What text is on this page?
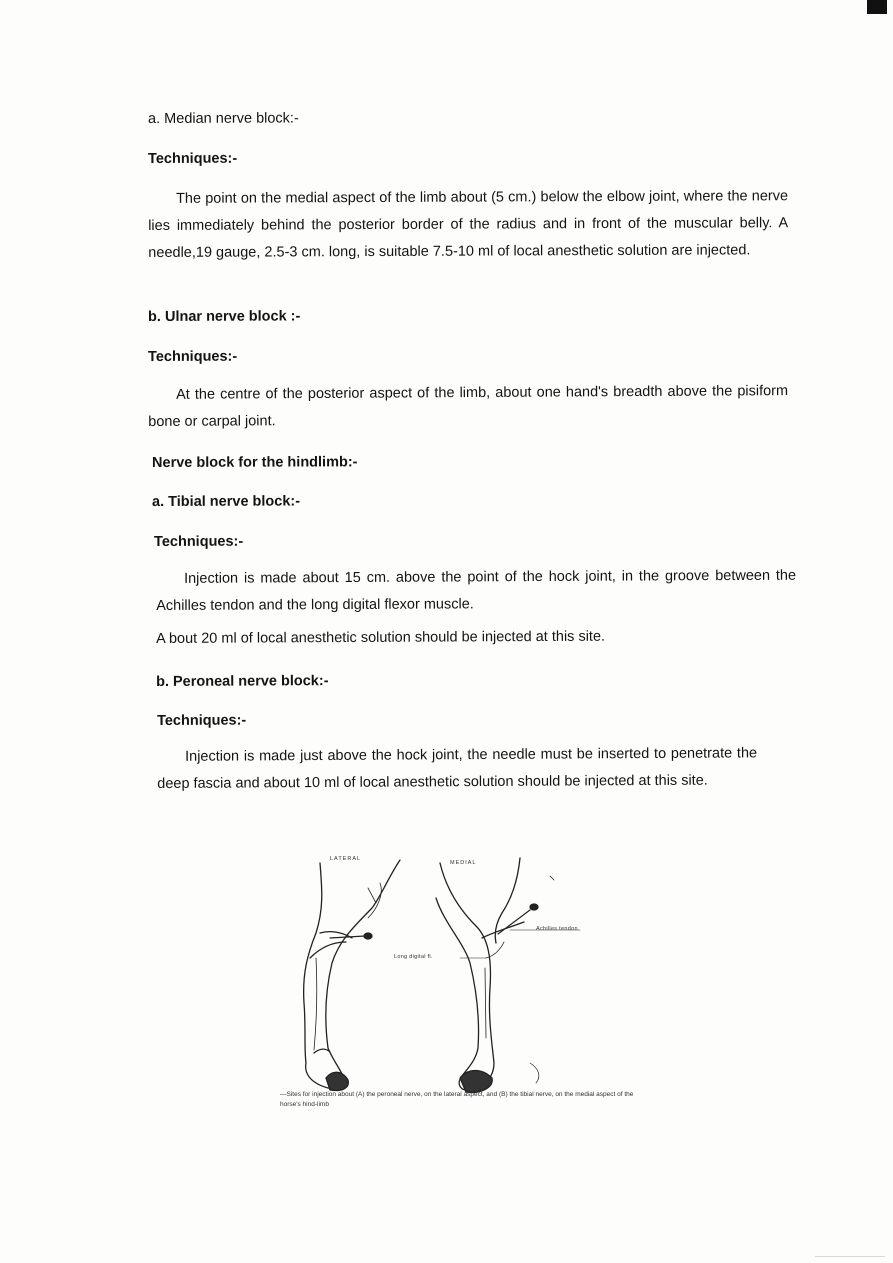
a. Median nerve block:-
Techniques:-
The point on the medial aspect of the limb about (5 cm.) below the elbow joint, where the nerve lies immediately behind the posterior border of the radius and in front of the muscular belly. A needle,19 gauge, 2.5-3 cm. long, is suitable 7.5-10 ml of local anesthetic solution are injected.
b. Ulnar nerve block :-
Techniques:-
At the centre of the posterior aspect of the limb, about one hand's breadth above the pisiform bone or carpal joint.
Nerve block for the hindlimb:-
a. Tibial nerve block:-
Techniques:-
Injection is made about 15 cm. above the point of the hock joint, in the groove between the Achilles tendon and the long digital flexor muscle.
A bout 20 ml of local anesthetic solution should be injected at this site.
b. Peroneal nerve block:-
Techniques:-
Injection is made just above the hock joint, the needle must be inserted to penetrate the deep fascia and about 10 ml of local anesthetic solution should be injected at this site.
LATERAL
MEDIAL
Achilles tendon
Long digital fl.
—Sites for injection about (A) the peroneal nerve, on the lateral aspect, and (B) the tibial nerve, on the medial aspect of the horse's hind-limb
